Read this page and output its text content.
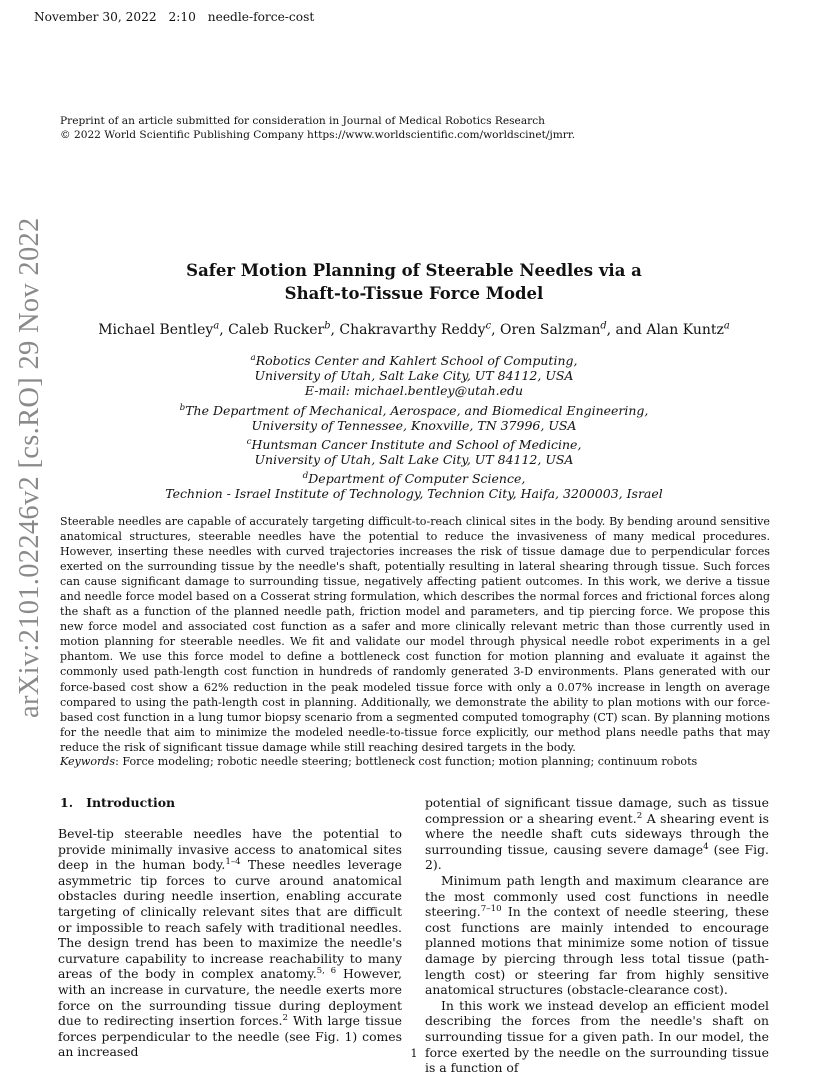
November 30, 2022 2:10 needle-force-cost
Preprint of an article submitted for consideration in Journal of Medical Robotics Research
© 2022 World Scientific Publishing Company https://www.worldscientific.com/worldscinet/jmrr.
arXiv:2101.02246v2 [cs.RO] 29 Nov 2022	Safer Motion Planning of Steerable Needles via a
Shaft-to-Tissue Force Model
Michael Bentley$^a$, Caleb Rucker$^b$, Chakravarthy Reddy$^c$, Oren Salzman$^d$, and Alan Kuntz$^a$
$^a$Robotics Center and Kahlert School of Computing,
University of Utah, Salt Lake City, UT 84112, USA
E-mail: michael.bentley@utah.edu
$^b$The Department of Mechanical, Aerospace, and Biomedical Engineering,
University of Tennessee, Knoxville, TN 37996, USA
$^c$Huntsman Cancer Institute and School of Medicine,
University of Utah, Salt Lake City, UT 84112, USA
$^d$Department of Computer Science,
Technion - Israel Institute of Technology, Technion City, Haifa, 3200003, Israel
Steerable needles are capable of accurately targeting difficult-to-reach clinical sites in the body. By bending around sensitive anatomical structures, steerable needles have the potential to reduce the invasiveness of many medical procedures. However, inserting these needles with curved trajectories increases the risk of tissue damage due to perpendicular forces exerted on the surrounding tissue by the needle's shaft, potentially resulting in lateral shearing through tissue. Such forces can cause significant damage to surrounding tissue, negatively affecting patient outcomes. In this work, we derive a tissue and needle force model based on a Cosserat string formulation, which describes the normal forces and frictional forces along the shaft as a function of the planned needle path, friction model and parameters, and tip piercing force. We propose this new force model and associated cost function as a safer and more clinically relevant metric than those currently used in motion planning for steerable needles. We fit and validate our model through physical needle robot experiments in a gel phantom. We use this force model to define a bottleneck cost function for motion planning and evaluate it against the commonly used path-length cost function in hundreds of randomly generated 3-D environments. Plans generated with our force-based cost show a 62% reduction in the peak modeled tissue force with only a 0.07% increase in length on average compared to using the path-length cost in planning. Additionally, we demonstrate the ability to plan motions with our force-based cost function in a lung tumor biopsy scenario from a segmented computed tomography (CT) scan. By planning motions for the needle that aim to minimize the modeled needle-to-tissue force explicitly, our method plans needle paths that may reduce the risk of significant tissue damage while still reaching desired targets in the body.
Keywords: Force modeling; robotic needle steering; bottleneck cost function; motion planning; continuum robots
1. Introduction
Bevel-tip steerable needles have the potential to provide minimally invasive access to anatomical sites deep in the human body.$^{1-4}$ These needles leverage asymmetric tip forces to curve around anatomical obstacles during needle insertion, enabling accurate targeting of clinically relevant sites that are difficult or impossible to reach safely with traditional needles. The design trend has been to maximize the needle's curvature capability to increase reachability to many areas of the body in complex anatomy.$^{5, 6}$ However, with an increase in curvature, the needle exerts more force on the surrounding tissue during deployment due to redirecting insertion forces.$^2$ With large tissue forces perpendicular to the needle (see Fig. 1) comes an increased
potential of significant tissue damage, such as tissue compression or a shearing event.$^2$ A shearing event is where the needle shaft cuts sideways through the surrounding tissue, causing severe damage$^4$ (see Fig. 2).
Minimum path length and maximum clearance are the most commonly used cost functions in needle steering.$^{7-10}$ In the context of needle steering, these cost functions are mainly intended to encourage planned motions that minimize some notion of tissue damage by piercing through less total tissue (path-length cost) or steering far from highly sensitive anatomical structures (obstacle-clearance cost).
In this work we instead develop an efficient model describing the forces from the needle's shaft on surrounding tissue for a given path. In our model, the force exerted by the needle on the surrounding tissue is a function of
1
